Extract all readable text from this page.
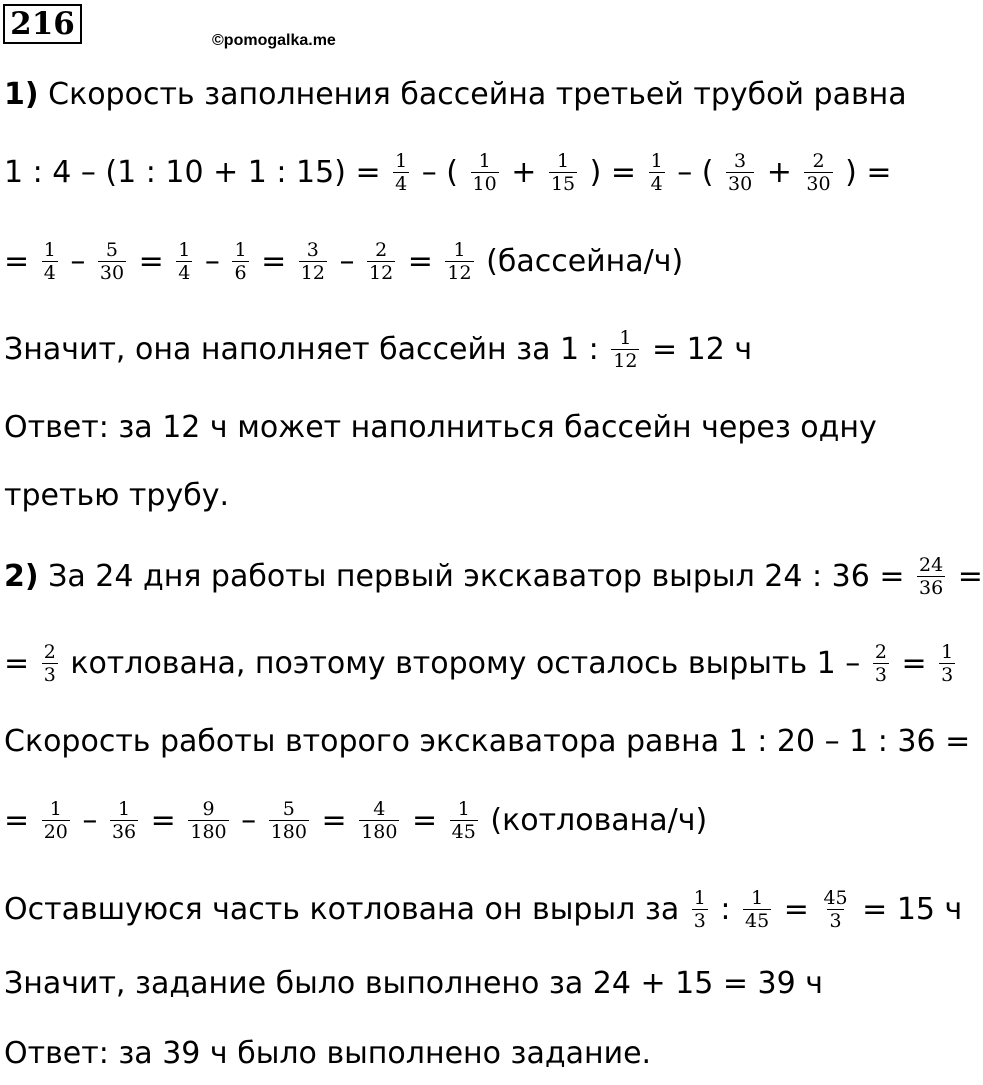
216	©pomogalka.me
1) Скорость заполнения бассейна третьей трубой равна
1 : 4 – (1 : 10 + 1 : $15) = \frac{1}{4}$ – ( $\frac{1}{10} + \frac{1}{15}$ ) = $\frac{1}{4}$ – ( $\frac{3}{30} + \frac{2}{30}$ ) =
= $\frac{1}{4} - \frac{5}{30} = \frac{1}{4} - \frac{1}{6} = \frac{3}{12} - \frac{2}{12} = \frac{1}{12}$ (бассейна/ч)
Значит, она наполняет бассейн за 1 : $\frac{1}{12} = 12$ ч
Ответ: за 12 ч может наполниться бассейн через одну
третью трубу.
2) За 24 дня работы первый экскаватор вырыл 24 : $36 = \frac{24}{36}$ =
= $\frac{2}{3}$ котлована, поэтому второму осталось вырыть $1 - \frac{2}{3} = \frac{1}{3}$
Скорость работы второго экскаватора равна 1 : 20 – 1 : 36 =
= $\frac{1}{20} - \frac{1}{36} = \frac{9}{180} - \frac{5}{180} = \frac{4}{180} = \frac{1}{45}$ (котлована/ч)
Оставшуюся часть котлована он вырыл за $\frac{1}{3}$ : $\frac{1}{45} = \frac{45}{3} = 15$ ч
Значит, задание было выполнено за 24 + 15 = 39 ч
Ответ: за 39 ч было выполнено задание.
